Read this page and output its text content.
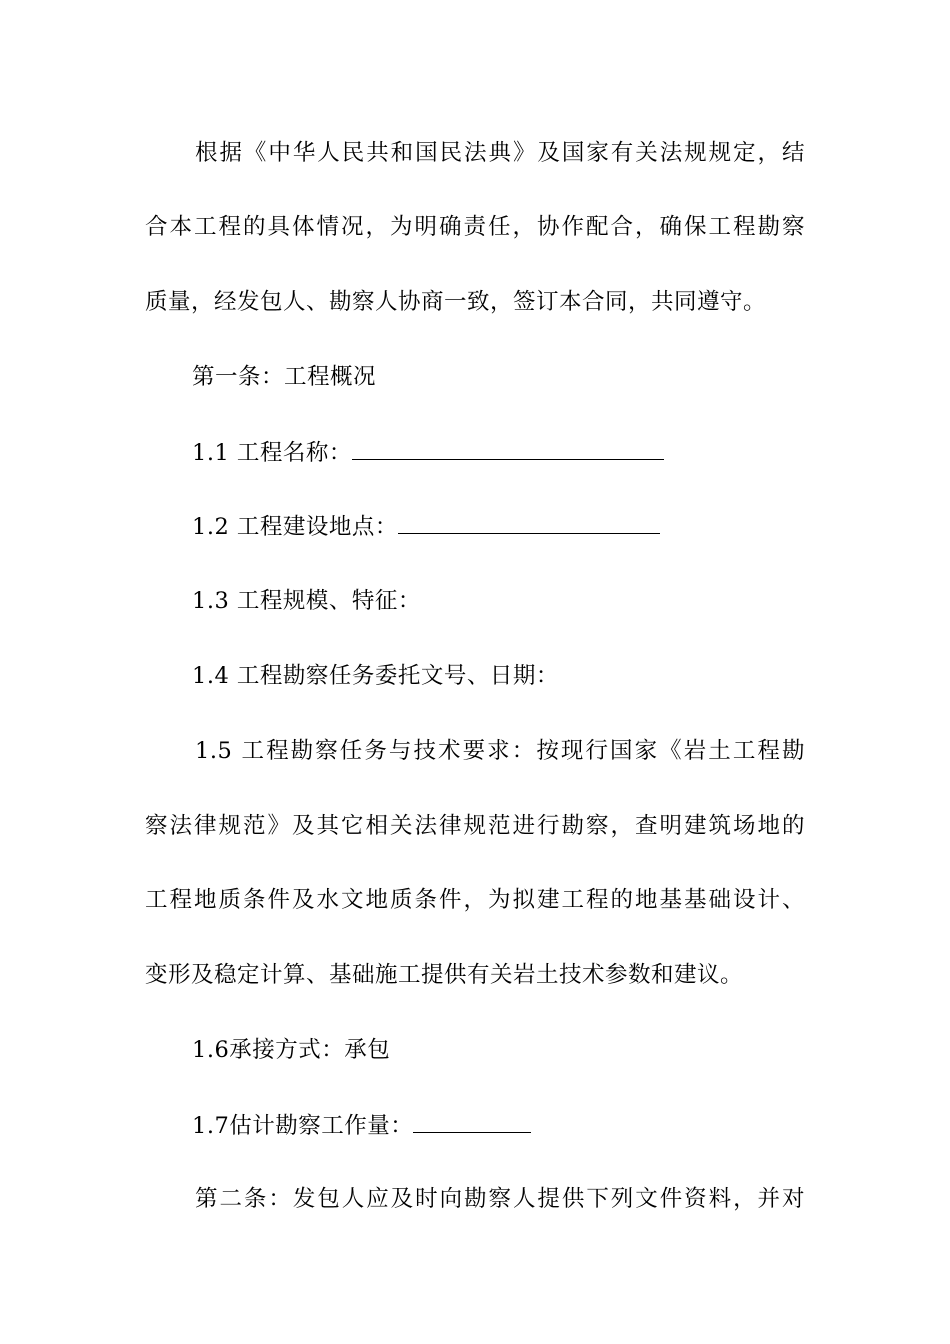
根据《中华人民共和国民法典》及国家有关法规规定，结
合本工程的具体情况，为明确责任，协作配合，确保工程勘察
质量，经发包人、勘察人协商一致，签订本合同，共同遵守。
第一条：工程概况
1.1 工程名称：
1.2 工程建设地点：
1.3 工程规模、特征：
1.4 工程勘察任务委托文号、日期：
1.5 工程勘察任务与技术要求：按现行国家《岩土工程勘
察法律规范》及其它相关法律规范进行勘察，查明建筑场地的
工程地质条件及水文地质条件，为拟建工程的地基基础设计、
变形及稳定计算、基础施工提供有关岩土技术参数和建议。
1.6承接方式：承包
1.7估计勘察工作量：
第二条：发包人应及时向勘察人提供下列文件资料，并对
